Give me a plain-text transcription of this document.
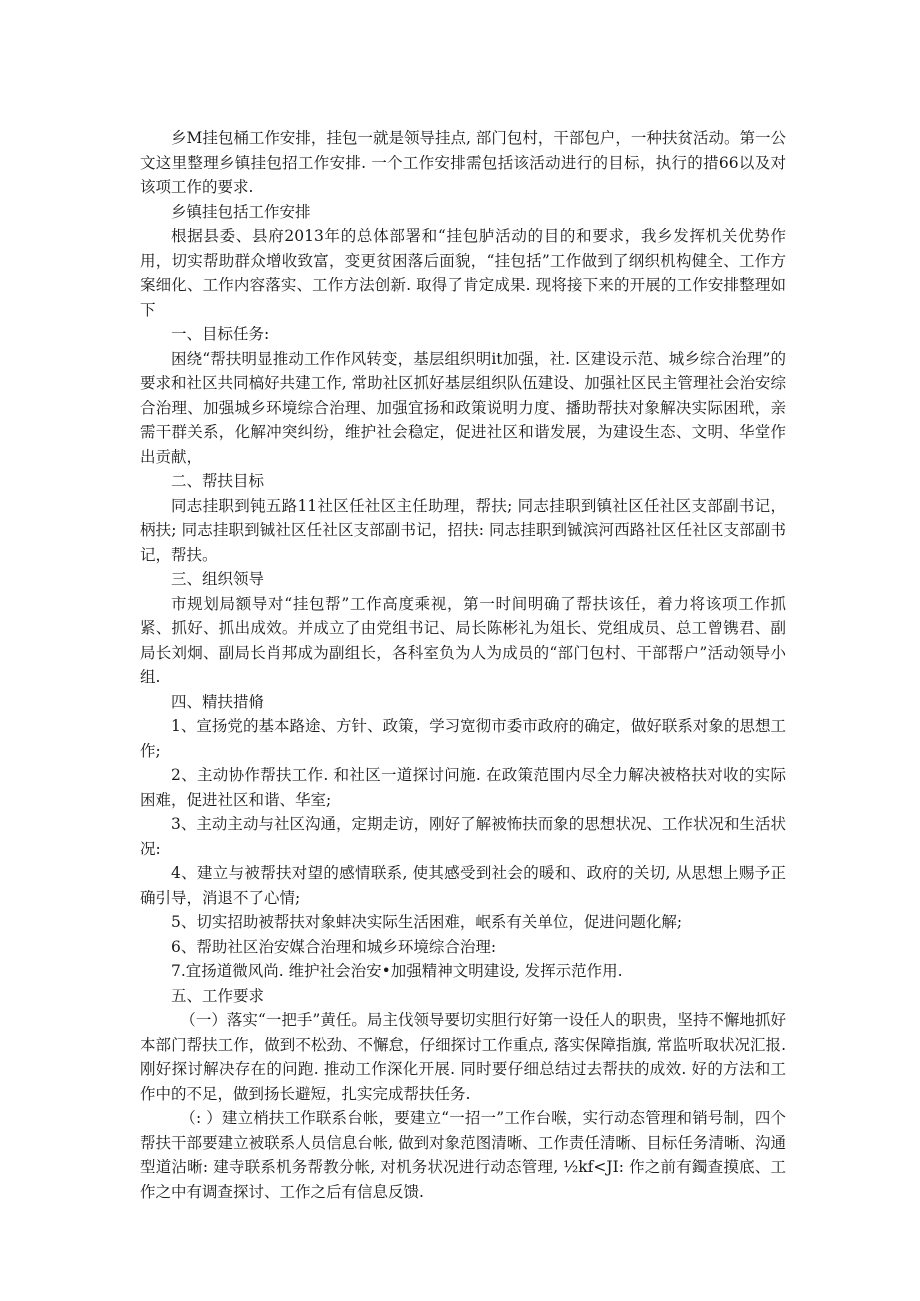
乡M挂包桶工作安排，挂包一就是领导挂点, 部门包村，干部包户，一种扶贫活动。第一公文这里整理乡镇挂包招工作安排. 一个工作安排需包括该活动进行的目标，执行的措66以及对该项工作的要求.

乡镇挂包括工作安排

根据县委、县府2013年的总体部署和“挂包胪活动的目的和要求，我乡发挥机关优势作用，切实帮助群众增收致富，变更贫困落后面貌，“挂包括”工作做到了纲织机构健全、工作方案细化、工作内容落实、工作方法创新. 取得了肯定成果. 现将接下来的开展的工作安排整理如下

一、目标任务:

困绕“帮扶明显推动工作作风转变，基层组织明it加强，社. 区建设示范、城乡综合治理”的要求和社区共同槁好共建工作, 常助社区抓好基层组织队伍建设、加强社区民主管理社会治安综合治理、加强城乡环境综合治理、加强宜扬和政策说明力度、播助帮扶对象解决实际困玳，亲需干群关系，化解冲突纠纷，维护社会稳定，促进社区和谐发展，为建设生态、文明、华堂作出贡献，

二、帮扶目标

同志挂职到钝五路11社区任社区主任助理，帮扶; 同志挂职到镇社区任社区支部副书记，柄扶; 同志挂职到铖社区任社区支部副书记，招扶: 同志挂职到铖滨河西路社区任社区支部副书记，帮扶。

三、组织领导

市规划局额导对“挂包帮”工作高度乘视，第一时间明确了帮扶该任，着力将该项工作抓紧、抓好、抓出成效。并成立了由党组书记、局长陈彬礼为俎长、党组成员、总工曾镌君、副局长刘炯、副局长肖邦成为副组长，各科室负为人为成员的“部门包村、干部帮户”活动领导小组.

四、精扶措脩

1、宣扬党的基本路途、方针、政策，学习宽彻市委市政府的确定，做好联系对象的思想工作;

2、主动协作帮扶工作. 和社区一道探讨问施. 在政策范围内尽全力解决被格扶对收的实际困难，促进社区和谐、华室;

3、主动主动与社区沟通，定期走访，刚好了解被怖扶而象的思想状况、工作状况和生活状况:

4、建立与被帮扶对望的感情联系, 使其感受到社会的暖和、政府的关切, 从思想上赐予正确引导，消退不了心情;

5、切实招助被帮扶对象蚌决实际生活困难，岷系有关单位，促进问题化解;

6、帮助社区治安媒合治理和城乡环境综合治理:

7.宜扬道微风尚. 维护社会治安•加强精神文明建设, 发挥示范作用.

五、工作要求

（一）落实“一把手”黄任。局主伐领导要切实胆行好第一设任人的职贵，坚持不懈地抓好本部门帮扶工作，做到不松劲、不懈怠，仔细探讨工作重点, 落实保障指旗, 常监听取状况汇报. 刚好探讨解决存在的问跑. 推动工作深化开展. 同时要仔细总结过去帮扶的成效. 好的方法和工作中的不足，做到扬长避短，扎实完成帮扶任务.

（: ）建立梢扶工作联系台帐，要建立“一招一”工作台喉，实行动态管理和销号制，四个帮扶干部要建立被联系人员信息台帐, 做到对象范图清晰、工作责任清晰、目标任务清晰、沟通型道沾晰: 建寺联系机务帮教分帐, 对机务状况进行动态管理, ½kf<JI: 作之前有鐲查摸底、工作之中有调查探讨、工作之后有信息反馈.
